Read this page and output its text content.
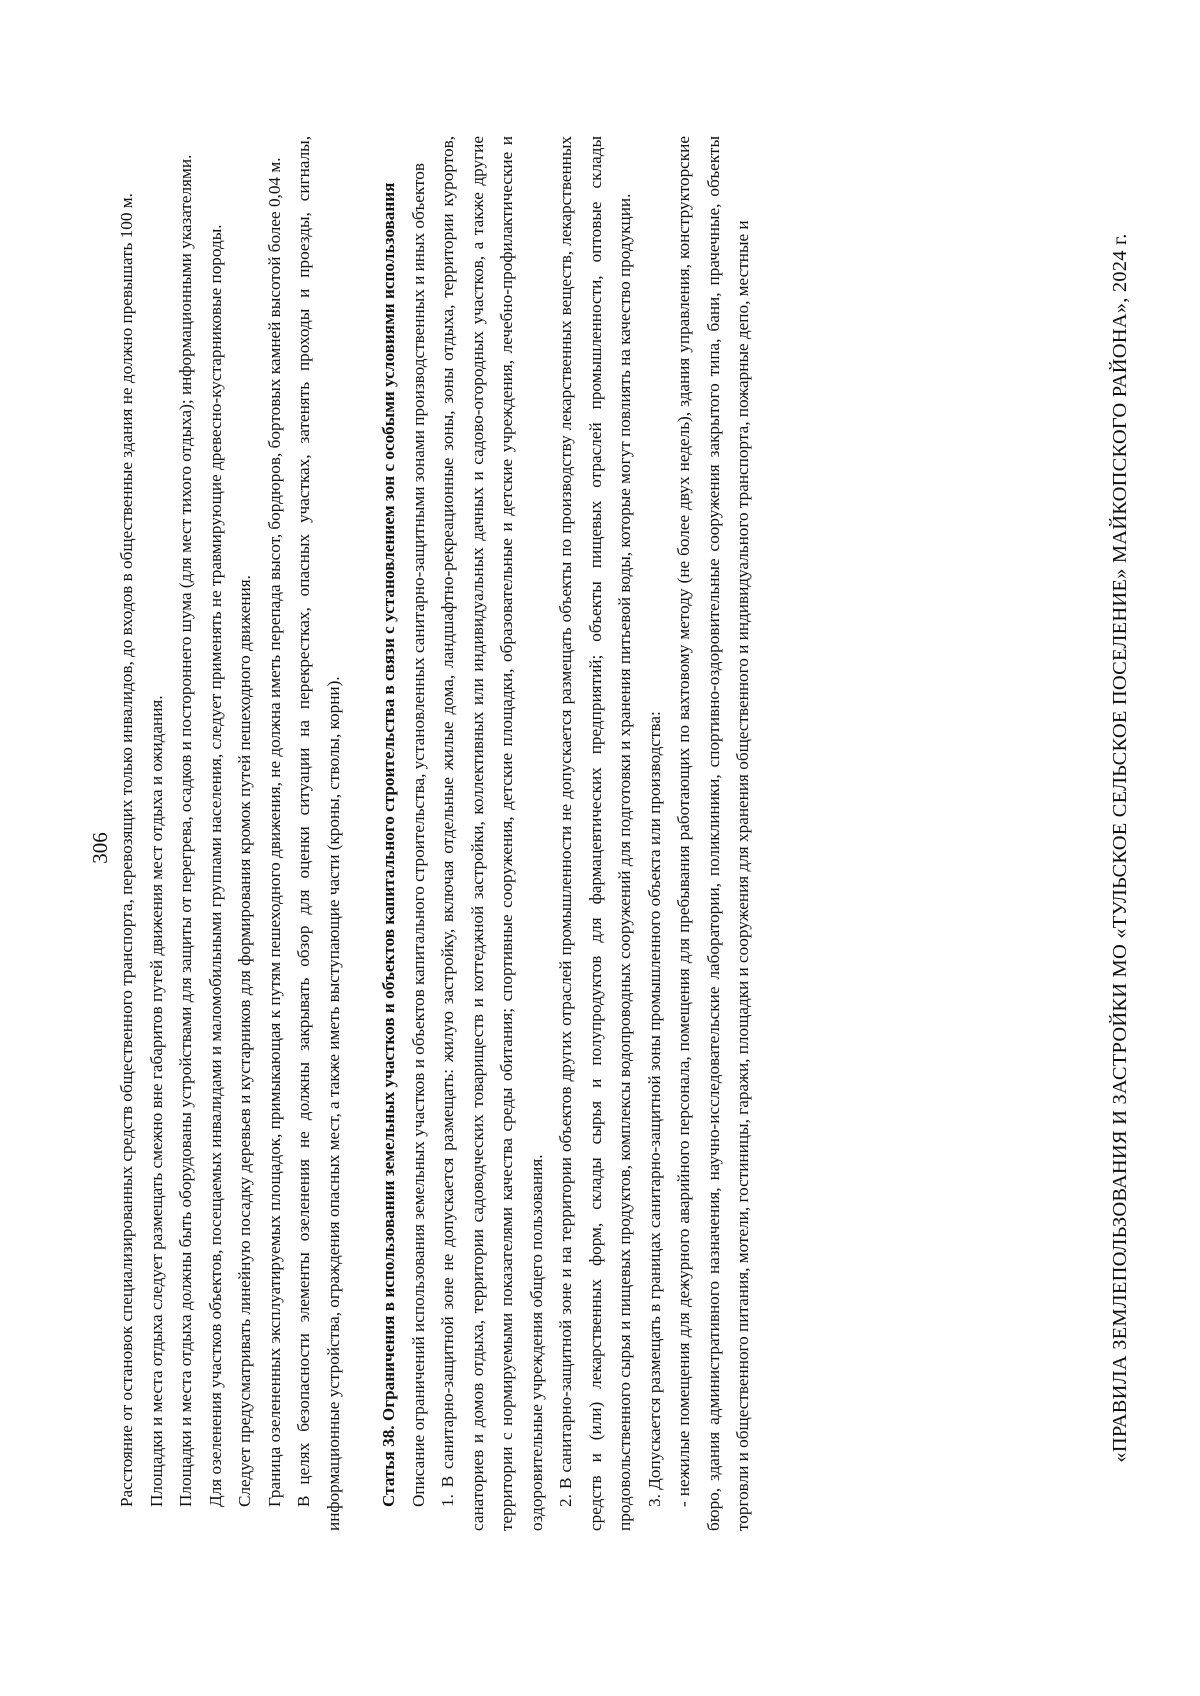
306 Расстояние от остановок специализированных средств общественного транспорта, перевозящих только инвалидов, до входов в общественные здания не должно превышать 100 м. Площадки и места отдыха следует размещать смежно вне габаритов путей движения мест отдыха и ожидания. Площадки и места отдыха должны быть оборудованы устройствами для защиты от перегрева, осадков и постороннего шума (для мест тихого отдыха); информационными указателями. Для озеленения участков объектов, посещаемых инвалидами и маломобильными группами населения, следует применять не травмирующие древесно-кустарниковые породы. Следует предусматривать линейную посадку деревьев и кустарников для формирования кромок путей пешеходного движения. Граница озелененных эксплуатируемых площадок, примыкающая к путям пешеходного движения, не должна иметь перепада высот, бордюров, бортовых камней высотой более 0,04 м. В целях безопасности элементы озеленения не должны закрывать обзор для оценки ситуации на перекрестках, опасных участках, затенять проходы и проезды, сигналы, информационные устройства, ограждения опасных мест, а также иметь выступающие части (кроны, стволы, корни).	Статья 38. Ограничения в использовании земельных участков и объектов капитального строительства в связи с установлением зон с особыми условиями использования Описание ограничений использования земельных участков и объектов капитального строительства, установленных санитарно-защитными зонами производственных и иных объектов 1. В санитарно-защитной зоне не допускается размещать: жилую застройку, включая отдельные жилые дома, ландшафтно-рекреационные зоны, зоны отдыха, территории курортов, санаториев и домов отдыха, территории садоводческих товариществ и коттеджной застройки, коллективных или индивидуальных дачных и садово-огородных участков, а также другие территории с нормируемыми показателями качества среды обитания; спортивные сооружения, детские площадки, образовательные и детские учреждения, лечебно-профилактические и оздоровительные учреждения общего пользования. 2. В санитарно-защитной зоне и на территории объектов других отраслей промышленности не допускается размещать объекты по производству лекарственных веществ, лекарственных средств и (или) лекарственных форм, склады сырья и полупродуктов для фармацевтических предприятий; объекты пищевых отраслей промышленности, оптовые склады продовольственного сырья и пищевых продуктов, комплексы водопроводных сооружений для подготовки и хранения питьевой воды, которые могут повлиять на качество продукции. 3. Допускается размещать в границах санитарно-защитной зоны промышленного объекта или производства: - нежилые помещения для дежурного аварийного персонала, помещения для пребывания работающих по вахтовому методу (не более двух недель), здания управления, конструкторские бюро, здания административного назначения, научно-исследовательские лаборатории, поликлиники, спортивно-оздоровительные сооружения закрытого типа, бани, прачечные, объекты торговли и общественного питания, мотели, гостиницы, гаражи, площадки и сооружения для хранения общественного и индивидуального транспорта, пожарные депо, местные и	«ПРАВИЛА ЗЕМЛЕПОЛЬЗОВАНИЯ И ЗАСТРОЙКИ МО «ТУЛЬСКОЕ СЕЛЬСКОЕ ПОСЕЛЕНИЕ» МАЙКОПСКОГО РАЙОНА», 2024 г.
